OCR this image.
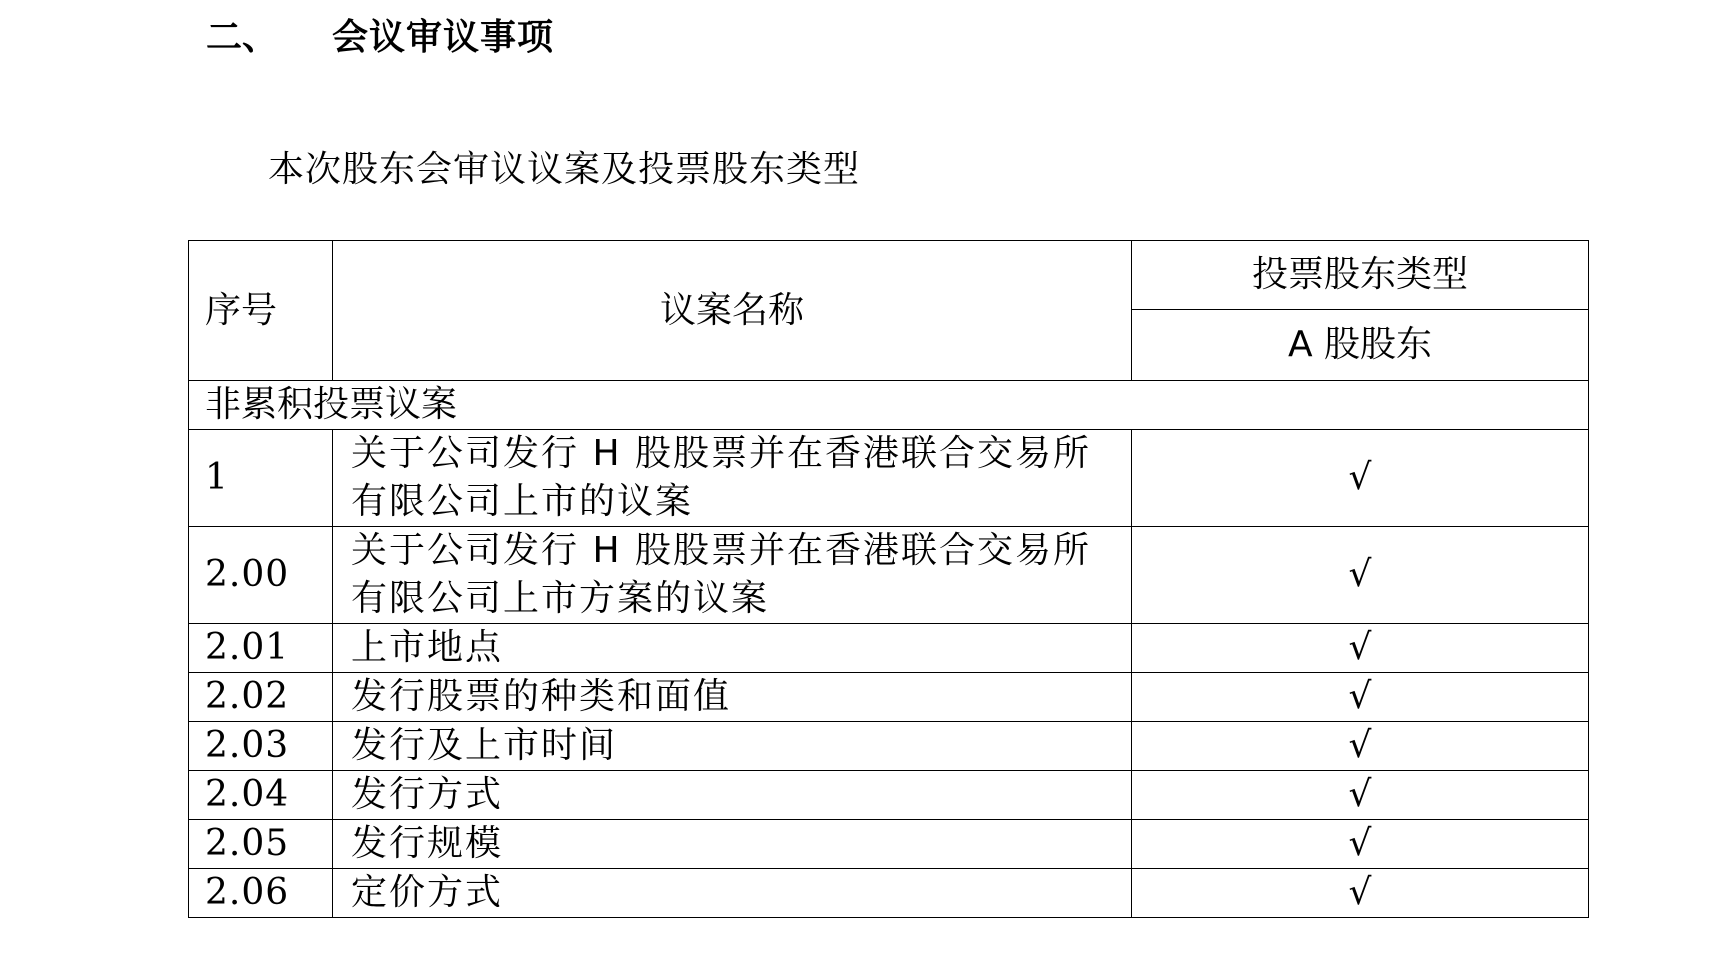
二、 会议审议事项
本次股东会审议议案及投票股东类型
序号	议案名称	投票股东类型
		A 股股东
非累积投票议案		
1	关于公司发行 H 股股票并在香港联合交易所有限公司上市的议案	√
2.00	关于公司发行 H 股股票并在香港联合交易所有限公司上市方案的议案	√
2.01	上市地点	√
2.02	发行股票的种类和面值	√
2.03	发行及上市时间	√
2.04	发行方式	√
2.05	发行规模	√
2.06	定价方式	√
